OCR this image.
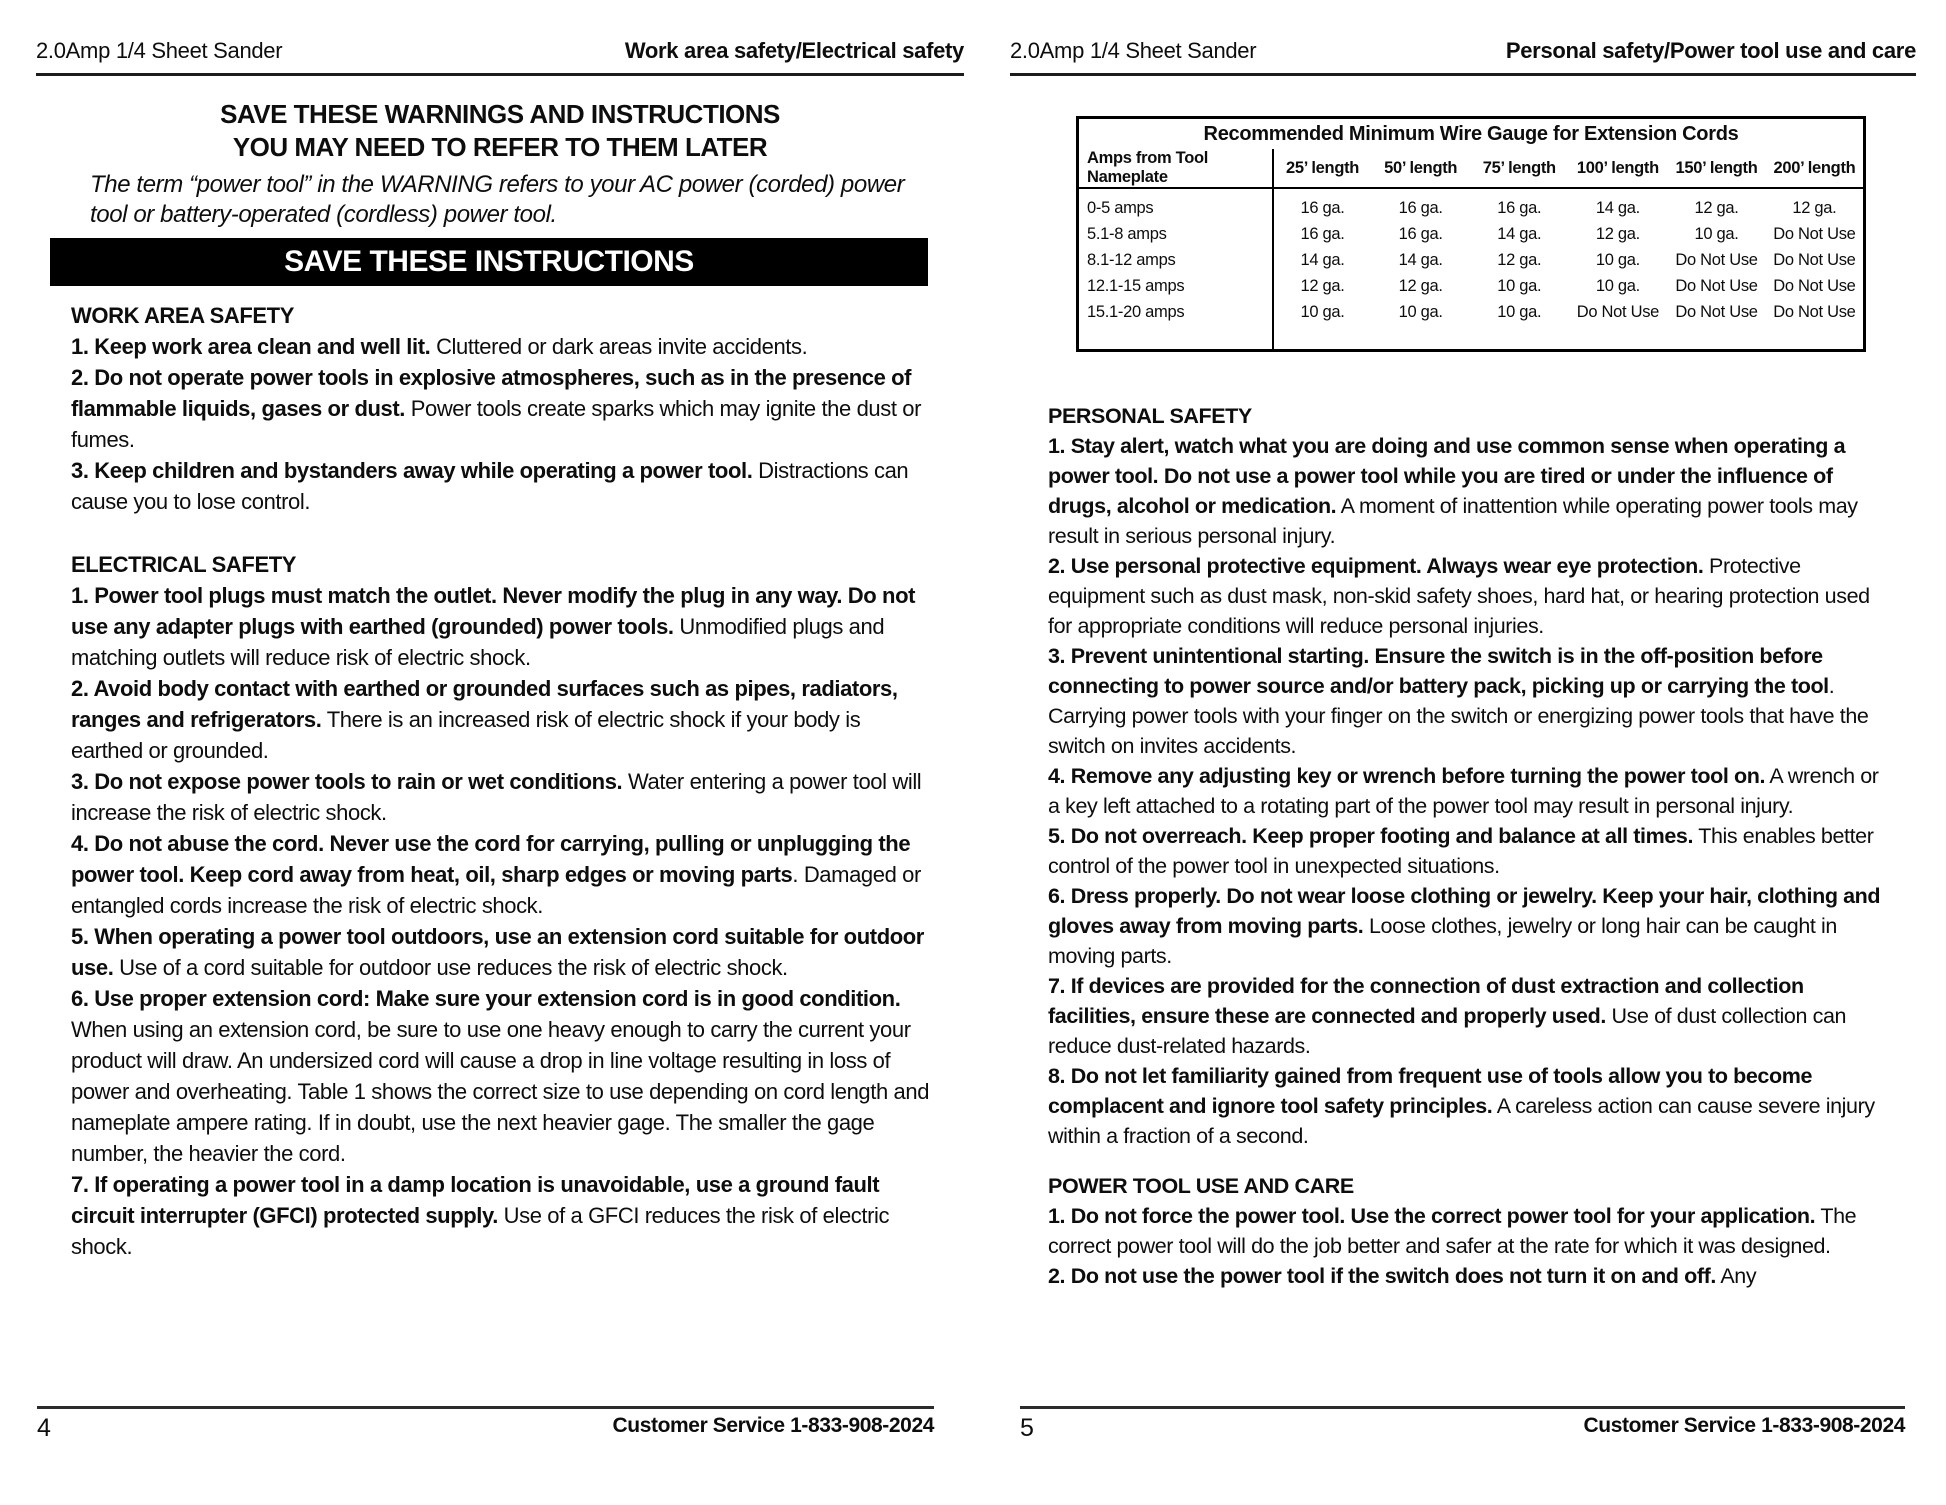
2.0Amp 1/4 Sheet Sander	Work area safety/Electrical safety
SAVE THESE WARNINGS AND INSTRUCTIONS
YOU MAY NEED TO REFER TO THEM LATER
The term “power tool” in the WARNING refers to your AC power (corded) power tool or battery-operated (cordless) power tool.
SAVE THESE INSTRUCTIONS
WORK AREA SAFETY

1. Keep work area clean and well lit. Cluttered or dark areas invite accidents.

2. Do not operate power tools in explosive atmospheres, such as in the presence of flammable liquids, gases or dust. Power tools create sparks which may ignite the dust or fumes.

3. Keep children and bystanders away while operating a power tool. Distractions can cause you to lose control.

ELECTRICAL SAFETY

1. Power tool plugs must match the outlet. Never modify the plug in any way. Do not use any adapter plugs with earthed (grounded) power tools. Unmodified plugs and matching outlets will reduce risk of electric shock.

2. Avoid body contact with earthed or grounded surfaces such as pipes, radiators, ranges and refrigerators. There is an increased risk of electric shock if your body is earthed or grounded.

3. Do not expose power tools to rain or wet conditions. Water entering a power tool will increase the risk of electric shock.

4. Do not abuse the cord. Never use the cord for carrying, pulling or unplugging the power tool. Keep cord away from heat, oil, sharp edges or moving parts. Damaged or entangled cords increase the risk of electric shock.

5. When operating a power tool outdoors, use an extension cord suitable for outdoor use. Use of a cord suitable for outdoor use reduces the risk of electric shock.

6. Use proper extension cord: Make sure your extension cord is in good condition. When using an extension cord, be sure to use one heavy enough to carry the current your product will draw. An undersized cord will cause a drop in line voltage resulting in loss of power and overheating. Table 1 shows the correct size to use depending on cord length and nameplate ampere rating. If in doubt, use the next heavier gage. The smaller the gage number, the heavier the cord.

7. If operating a power tool in a damp location is unavoidable, use a ground fault circuit interrupter (GFCI) protected supply. Use of a GFCI reduces the risk of electric shock.

4	Customer Service 1-833-908-2024
2.0Amp 1/4 Sheet Sander	Personal safety/Power tool use and care
Recommended Minimum Wire Gauge for Extension Cords						
Amps from Tool Nameplate	25’ length	50’ length	75’ length	100’ length	150’ length	200’ length

0-5 amps	16 ga.	16 ga.	16 ga.	14 ga.	12 ga.	12 ga.
5.1-8 amps	16 ga.	16 ga.	14 ga.	12 ga.	10 ga.	Do Not Use
8.1-12 amps	14 ga.	14 ga.	12 ga.	10 ga.	Do Not Use	Do Not Use
12.1-15 amps	12 ga.	12 ga.	10 ga.	10 ga.	Do Not Use	Do Not Use
15.1-20 amps	10 ga.	10 ga.	10 ga.	Do Not Use	Do Not Use	Do Not Use

PERSONAL SAFETY

1. Stay alert, watch what you are doing and use common sense when operating a power tool. Do not use a power tool while you are tired or under the influence of drugs, alcohol or medication. A moment of inattention while operating power tools may result in serious personal injury.

2. Use personal protective equipment. Always wear eye protection. Protective equipment such as dust mask, non-skid safety shoes, hard hat, or hearing protection used for appropriate conditions will reduce personal injuries.

3. Prevent unintentional starting. Ensure the switch is in the off-position before connecting to power source and/or battery pack, picking up or carrying the tool. Carrying power tools with your finger on the switch or energizing power tools that have the switch on invites accidents.

4. Remove any adjusting key or wrench before turning the power tool on. A wrench or a key left attached to a rotating part of the power tool may result in personal injury.

5. Do not overreach. Keep proper footing and balance at all times. This enables better control of the power tool in unexpected situations.

6. Dress properly. Do not wear loose clothing or jewelry. Keep your hair, clothing and gloves away from moving parts. Loose clothes, jewelry or long hair can be caught in moving parts.

7. If devices are provided for the connection of dust extraction and collection facilities, ensure these are connected and properly used. Use of dust collection can reduce dust-related hazards.

8. Do not let familiarity gained from frequent use of tools allow you to become complacent and ignore tool safety principles. A careless action can cause severe injury within a fraction of a second.

POWER TOOL USE AND CARE

1. Do not force the power tool. Use the correct power tool for your application. The correct power tool will do the job better and safer at the rate for which it was designed.

2. Do not use the power tool if the switch does not turn it on and off. Any

5	Customer Service 1-833-908-2024
